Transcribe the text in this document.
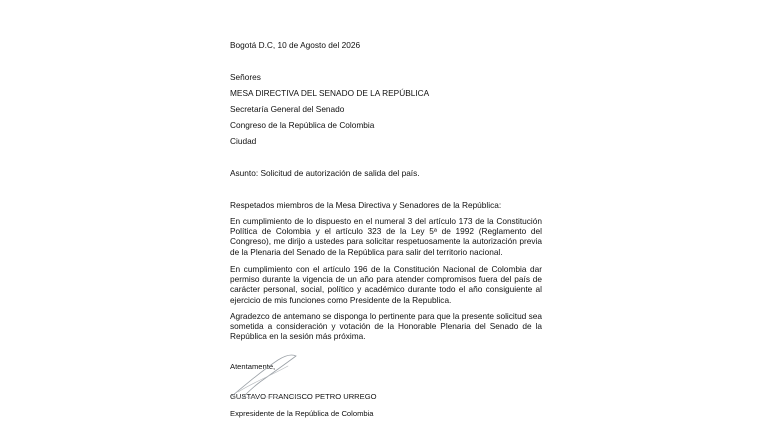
Bogotá D.C, 10 de Agosto del 2026
Señores
MESA DIRECTIVA DEL SENADO DE LA REPÚBLICA
Secretaría General del Senado
Congreso de la República de Colombia
Ciudad
Asunto: Solicitud de autorización de salida del país.
Respetados miembros de la Mesa Directiva y Senadores de la República:
En cumplimiento de lo dispuesto en el numeral 3 del artículo 173 de la Constitución Política de Colombia y el artículo 323 de la Ley 5ª de 1992 (Reglamento del Congreso), me dirijo a ustedes para solicitar respetuosamente la autorización previa de la Plenaria del Senado de la República para salir del territorio nacional.
En cumplimiento con el artículo 196 de la Constitución Nacional de Colombia dar permiso durante la vigencia de un año para atender compromisos fuera del país de carácter personal, social, político y académico durante todo el año consiguiente al ejercicio de mis funciones como Presidente de la Republica.
Agradezco de antemano se disponga lo pertinente para que la presente solicitud sea sometida a consideración y votación de la Honorable Plenaria del Senado de la República en la sesión más próxima.
Atentamente,
GUSTAVO FRANCISCO PETRO URREGO
Expresidente de la República de Colombia
